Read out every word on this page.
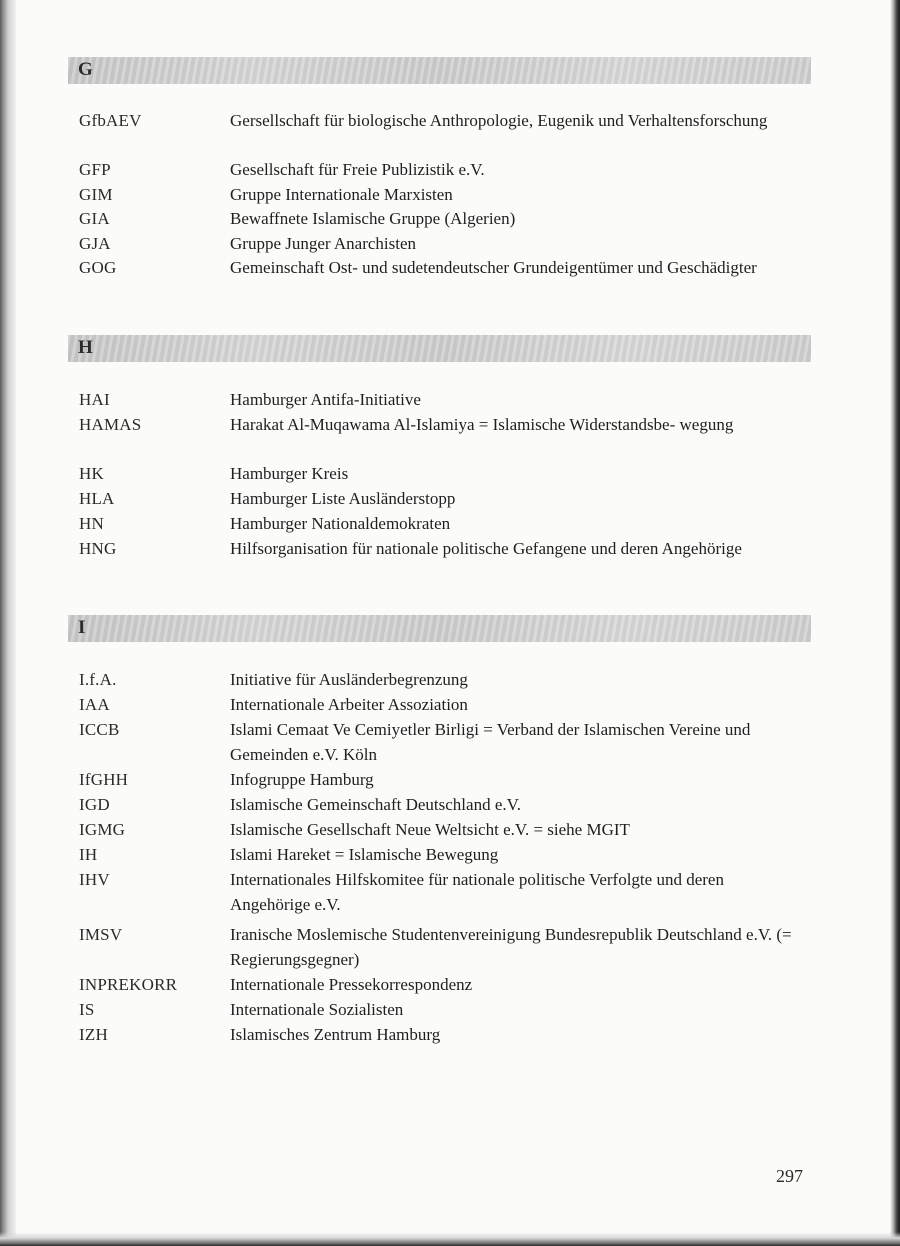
G
GfbAEV	Gersellschaft für biologische Anthropologie, Eugenik und Verhaltensforschung
GFP	Gesellschaft für Freie Publizistik e.V.
GIM	Gruppe Internationale Marxisten
GIA	Bewaffnete Islamische Gruppe (Algerien)
GJA	Gruppe Junger Anarchisten
GOG	Gemeinschaft Ost- und sudetendeutscher Grundeigentümer und Geschädigter
H
HAI	Hamburger Antifa-Initiative
HAMAS	Harakat Al-Muqawama Al-Islamiya = Islamische Widerstandsbe- wegung
HK	Hamburger Kreis
HLA	Hamburger Liste Ausländerstopp
HN	Hamburger Nationaldemokraten
HNG	Hilfsorganisation für nationale politische Gefangene und deren Angehörige
I
I.f.A.	Initiative für Ausländerbegrenzung
IAA	Internationale Arbeiter Assoziation
ICCB	Islami Cemaat Ve Cemiyetler Birligi = Verband der Islamischen Vereine und Gemeinden e.V. Köln
IfGHH	Infogruppe Hamburg
IGD	Islamische Gemeinschaft Deutschland e.V.
IGMG	Islamische Gesellschaft Neue Weltsicht e.V. = siehe MGIT
IH	Islami Hareket = Islamische Bewegung
IHV	Internationales Hilfskomitee für nationale politische Verfolgte und deren Angehörige e.V.
IMSV	Iranische Moslemische Studentenvereinigung Bundesrepublik Deutschland e.V. (= Regierungsgegner)
INPREKORR	Internationale Pressekorrespondenz
IS	Internationale Sozialisten
IZH	Islamisches Zentrum Hamburg
297
